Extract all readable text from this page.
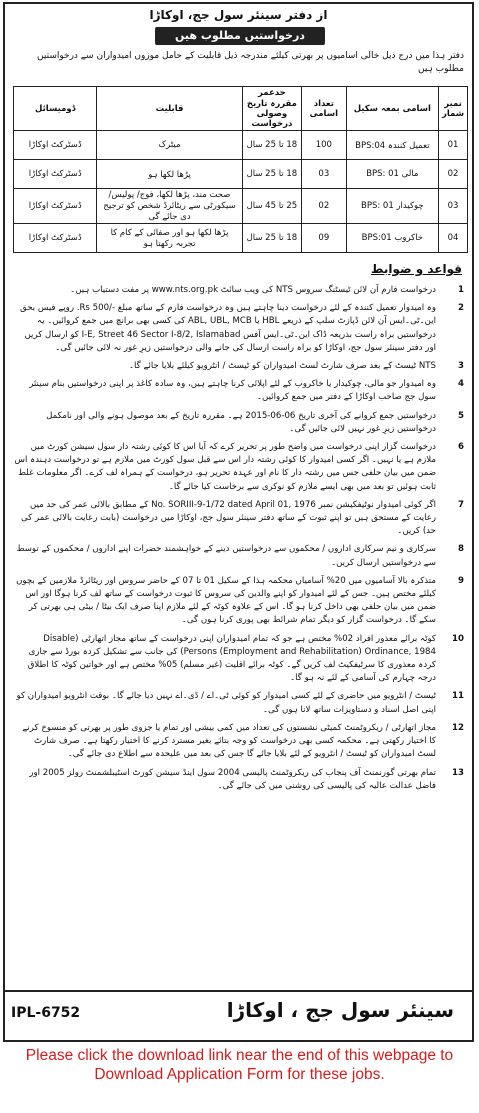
از دفتر سینئر سول جج، اوکاڑا
درخواستیں مطلوب ھیں
دفتر ہذا میں درج ذیل خالی اسامیوں پر بھرتی کیلئے مندرجہ ذیل قابلیت کے حامل موزوں امیدواران سے درخواستیں مطلوب ہیں
نمبر شمار	اسامی بمعہ سکیل	تعداد اسامی	حدعمر مقررہ تاریخ وصولی درخواست	قابلیت	ڈومیسائل
01	تعمیل کنندہ BPS:04	100	18 تا 25 سال	میٹرک	ڈسٹرکٹ اوکاڑا
02	مالی BPS: 01	03	18 تا 25 سال	پڑھا لکھا ہو	ڈسٹرکٹ اوکاڑا
03	چوکیدار BPS: 01	02	25 تا 45 سال	صحت مند، پڑھا لکھا، فوج/ پولیس/ سیکورٹی سے ریٹائرڈ شخص کو ترجیح دی جائے گی	ڈسٹرکٹ اوکاڑا
04	خاکروب BPS:01	09	18 تا 25 سال	پڑھا لکھا ہو اور صفائی کے کام کا تجربہ رکھتا ہو	ڈسٹرکٹ اوکاڑا
قواعد و ضوابط
1
درخواست فارم آن لائن ٹیسٹنگ سروس NTS کی ویب سائٹ www.nts.org.pk پر مفت دستیاب ہیں۔
2
وہ امیدوار تعمیل کنندہ کے لئے درخواست دینا چاہتے ہیں وہ درخواست فارم کے ساتھ مبلغ -/500 Rs. روپے فیس بحق این۔ٹی۔ایس آن لائن ڈپازٹ سلپ کے ذریعے HBL یا ABL, UBL, MCB کی کسی بھی برانچ میں جمع کروائیں۔ یہ درخواستیں براہ راست بذریعہ ڈاک این۔ٹی۔ایس آفس I-E, Street 46 Sector I-8/2, Islamabad کو ارسال کریں اور دفتر سینئر سول جج، اوکاڑا کو براہ راست ارسال کی جانے والی درخواستیں زیرِ غور نہ لائی جائیں گی۔
3
NTS ٹیسٹ کے بعد صرف شارٹ لسٹ امیدواران کو ٹیسٹ / انٹرویو کیلئے بلایا جائے گا۔
4
وہ امیدوار جو مالی، چوکیدار یا خاکروب کے لئے اپلائی کرنا چاہتے ہیں، وہ سادہ کاغذ پر اپنی درخواستیں بنام سینئر سول جج صاحب اوکاڑا کے دفتر میں جمع کروائیں۔
5
درخواستیں جمع کروانے کی آخری تاریخ 06-06-2015 ہے۔ مقررہ تاریخ کے بعد موصول ہونے والی اور نامکمل درخواستیں زیرِ غور نہیں لائی جائیں گی۔
6
درخواست گزار اپنی درخواست میں واضح طور پر تحریر کرے کہ آیا اس کا کوئی رشتہ دار سول سیشن کورٹ میں ملازم ہے یا نہیں۔ اگر کسی امیدوار کا کوئی رشتہ دار اس سے قبل سول کورٹ میں ملازم ہے تو درخواست دہندہ اس ضمن میں بیان حلفی جس میں رشتہ دار کا نام اور عہدہ تحریر ہو، درخواست کے ہمراہ لف کرے۔ اگر معلومات غلط ثابت ہوئیں تو بعد میں بھی ایسے ملازم کو نوکری سے برخاست کیا جائے گا۔
7
اگر کوئی امیدوار نوٹیفکیشن نمبر No. SORIII-9-1/72 dated April 01, 1976 کے مطابق بالائی عمر کی حد میں رعایت کے مستحق ہیں تو اپنے ثبوت کے ساتھ دفتر سینئر سول جج، اوکاڑا میں درخواست (بابت رعایت بالائی عمر کی حد) کریں۔
8
سرکاری و نیم سرکاری اداروں / محکموں سے درخواستیں دینے کے خواہشمند حضرات اپنے اداروں / محکموں کے توسط سے درخواستیں ارسال کریں۔
9
متذکرہ بالا آسامیوں میں 20% آسامیاں محکمہ ہذا کے سکیل 01 تا 07 کے حاضر سروس اور ریٹائرڈ ملازمین کے بچوں کیلئے مختص ہیں۔ جس کے لئے امیدوار کو اپنے والدین کی سروس کا ثبوت درخواست کے ساتھ لف کرنا ہوگا اور اس ضمن میں بیان حلفی بھی داخل کرنا ہو گا۔ اس کے علاوہ کوٹہ کے لئے ملازم اپنا صرف ایک بیٹا / بیٹی ہی بھرتی کر سکے گا۔ درخواست گزار کو دیگر تمام شرائط بھی پوری کرنا ہوں گی۔
10
کوٹہ برائے معذور افراد 02% مختص ہے جو کہ تمام امیدواران اپنی درخواست کے ساتھ مجاز اتھارٹی (Disable Persons (Employment and Rehabilitation) Ordinance, 1984) کی جانب سے تشکیل کردہ بورڈ سے جاری کردہ معذوری کا سرٹیفکیٹ لف کریں گے۔ کوٹہ برائے اقلیت (غیر مسلم) 05% مختص ہے اور خواتین کوٹہ کا اطلاق درجہ چہارم کی آسامی کے لئے نہ ہو گا۔
11
ٹیسٹ / انٹرویو میں حاضری کے لئے کسی امیدوار کو کوئی ٹی۔اے / ڈی۔اے نہیں دیا جائے گا۔ بوقت انٹرویو امیدواران کو اپنی اصل اسناد و دستاویزات ساتھ لانا ہوں گی۔
12
مجاز اتھارٹی / ریکروٹمنٹ کمیٹی نشستوں کی تعداد میں کمی بیشی اور تمام یا جزوی طور پر بھرتی کو منسوخ کرنے کا اختیار رکھتی ہے۔ محکمہ کسی بھی درخواست کو وجہ بتائے بغیر مسترد کرنے کا اختیار رکھتا ہے۔ صرف شارٹ لسٹ امیدواران کو ٹیسٹ / انٹرویو کے لئے بلایا جائے گا جس کی بعد میں علیحدہ سے اطلاع دی جائے گی۔
13
تمام بھرتی گورنمنٹ آف پنجاب کی ریکروٹمنٹ پالیسی 2004 سول اینڈ سیشن کورٹ اسٹیبلشمنٹ رولز 2005 اور فاضل عدالت عالیہ کی پالیسی کی روشنی میں کی جائے گی۔
IPL-6752	سینئر سول جج ، اوکاڑا
Please click the download link near the end of this webpage to Download Application Form for these jobs.
